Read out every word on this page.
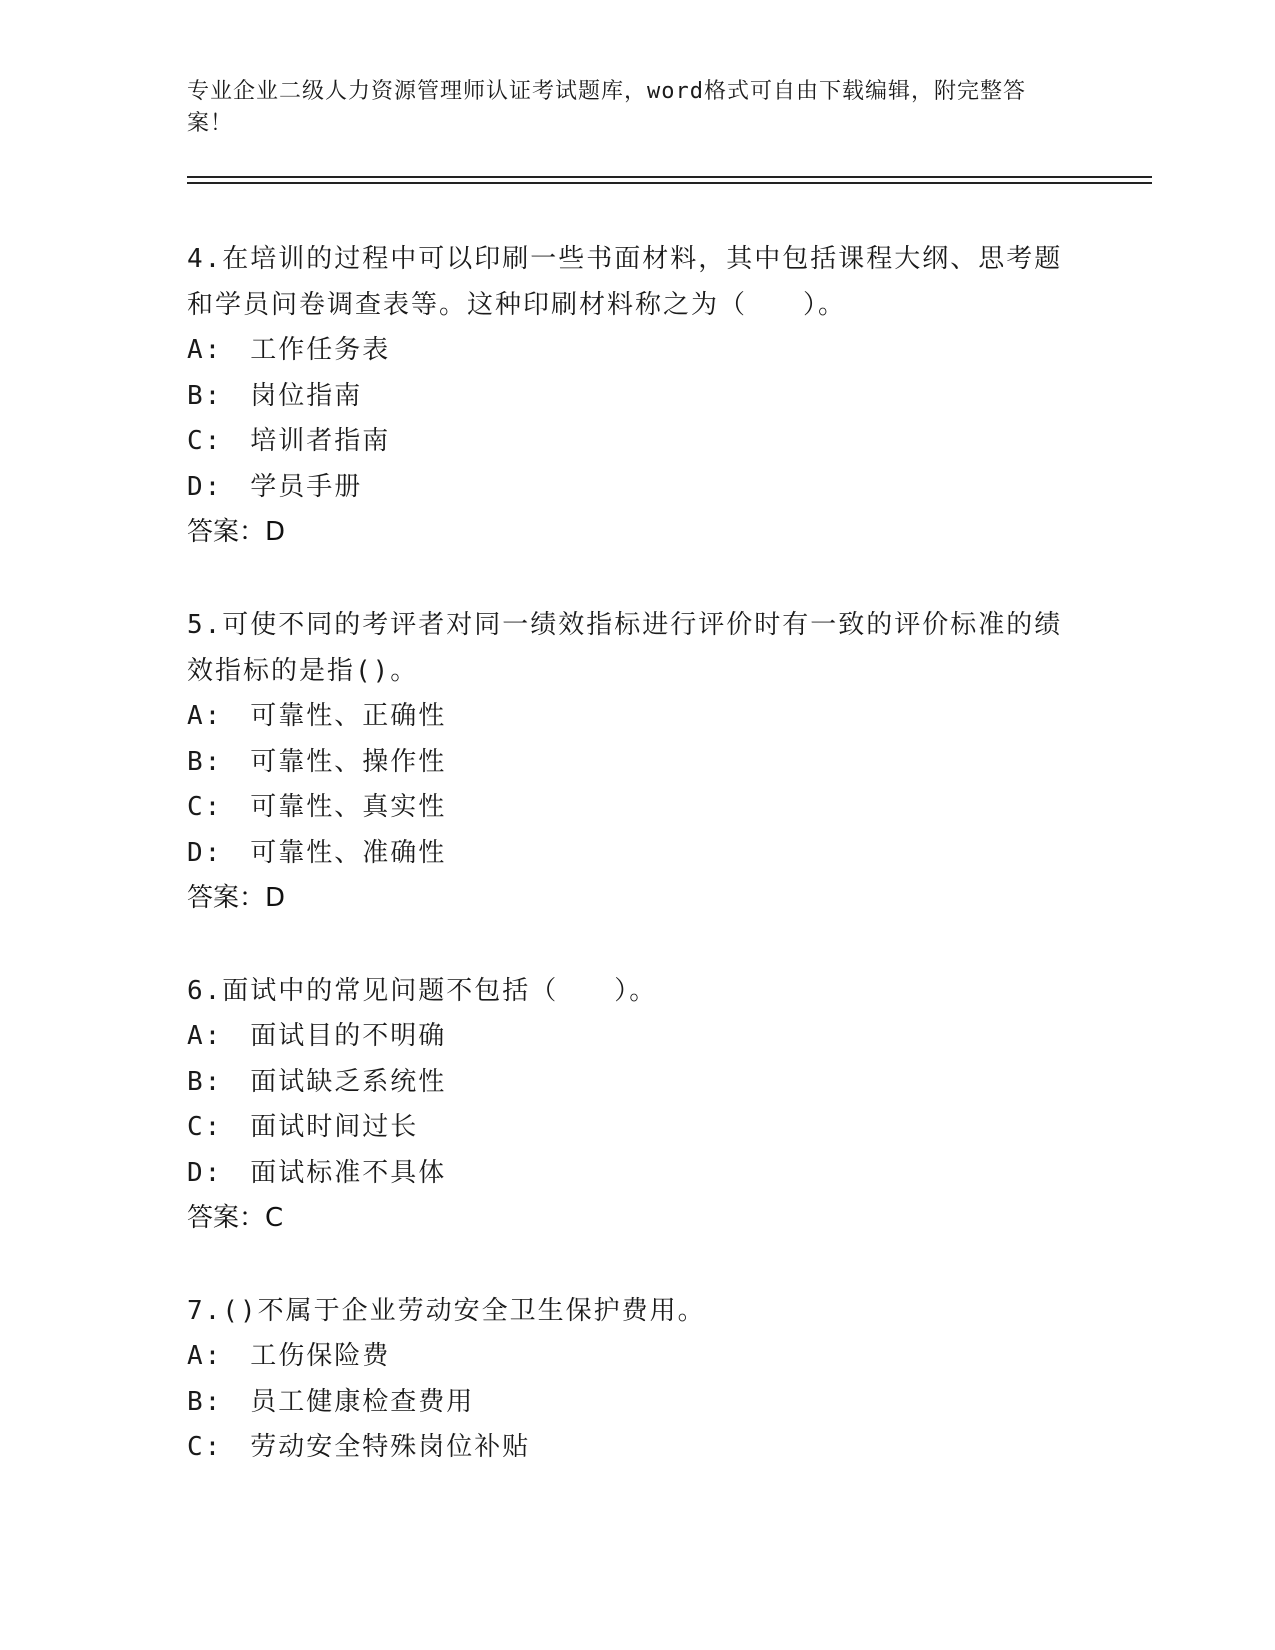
专业企业二级人力资源管理师认证考试题库，word格式可自由下载编辑，附完整答案！

4.在培训的过程中可以印刷一些书面材料，其中包括课程大纲、思考题和学员问卷调查表等。这种印刷材料称之为（　　）。

A:　工作任务表

B:　岗位指南

C:　培训者指南

D:　学员手册

答案：D

5.可使不同的考评者对同一绩效指标进行评价时有一致的评价标准的绩效指标的是指()。

A:　可靠性、正确性

B:　可靠性、操作性

C:　可靠性、真实性

D:　可靠性、准确性

答案：D

6.面试中的常见问题不包括（　　）。

A:　面试目的不明确

B:　面试缺乏系统性

C:　面试时间过长

D:　面试标准不具体

答案：C

7.()不属于企业劳动安全卫生保护费用。

A:　工伤保险费

B:　员工健康检查费用

C:　劳动安全特殊岗位补贴
